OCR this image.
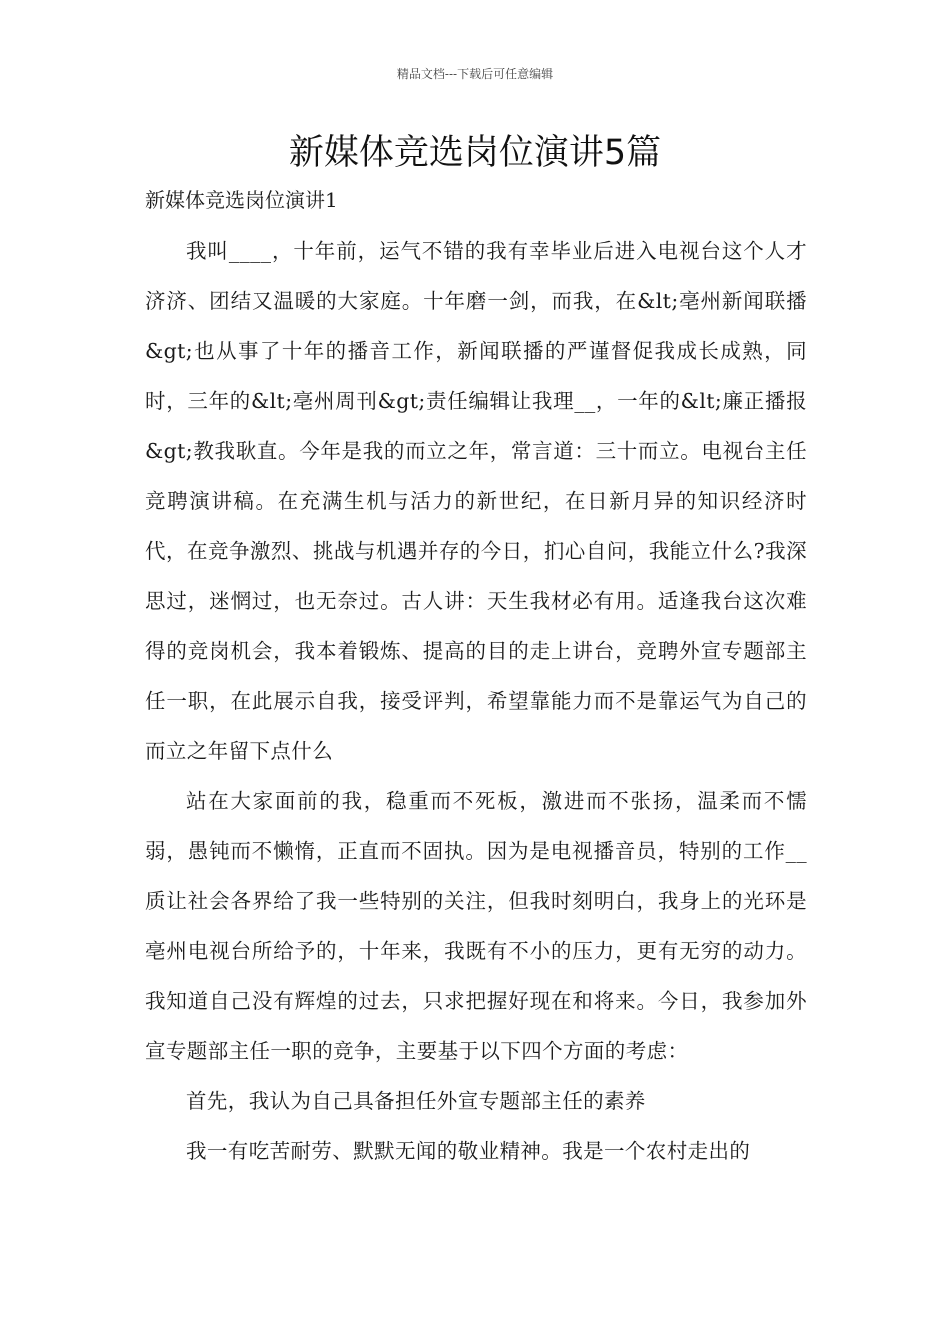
精品文档---下载后可任意编辑
新媒体竞选岗位演讲5篇

新媒体竞选岗位演讲1

我叫____，十年前，运气不错的我有幸毕业后进入电视台这个人才济济、团结又温暖的大家庭。十年磨一剑，而我，在&lt;亳州新闻联播&gt;也从事了十年的播音工作，新闻联播的严谨督促我成长成熟，同时，三年的&lt;亳州周刊&gt;责任编辑让我理__，一年的&lt;廉正播报&gt;教我耿直。今年是我的而立之年，常言道：三十而立。电视台主任竞聘演讲稿。在充满生机与活力的新世纪，在日新月异的知识经济时代，在竞争激烈、挑战与机遇并存的今日，扪心自问，我能立什么?我深思过，迷惘过，也无奈过。古人讲：天生我材必有用。适逢我台这次难得的竞岗机会，我本着锻炼、提高的目的走上讲台，竞聘外宣专题部主任一职，在此展示自我，接受评判，希望靠能力而不是靠运气为自己的而立之年留下点什么

站在大家面前的我，稳重而不死板，激进而不张扬，温柔而不懦弱，愚钝而不懒惰，正直而不固执。因为是电视播音员，特别的工作__质让社会各界给了我一些特别的关注，但我时刻明白，我身上的光环是亳州电视台所给予的，十年来，我既有不小的压力，更有无穷的动力。我知道自己没有辉煌的过去，只求把握好现在和将来。今日，我参加外宣专题部主任一职的竞争，主要基于以下四个方面的考虑：

首先，我认为自己具备担任外宣专题部主任的素养

我一有吃苦耐劳、默默无闻的敬业精神。我是一个农村走出的
